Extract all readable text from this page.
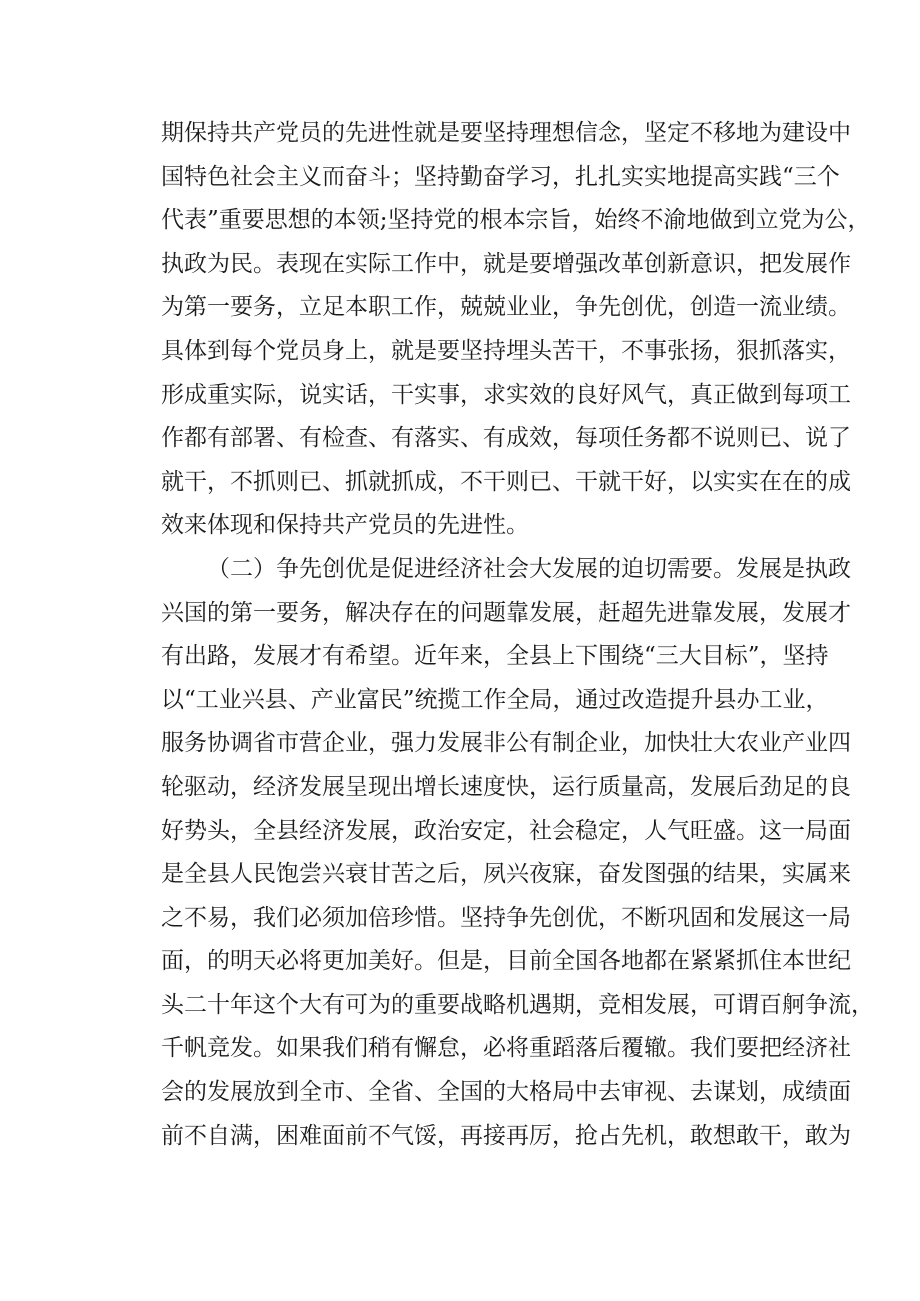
期保持共产党员的先进性就是要坚持理想信念，坚定不移地为建设中
国特色社会主义而奋斗；坚持勤奋学习，扎扎实实地提高实践“三个
代表”重要思想的本领;坚持党的根本宗旨，始终不渝地做到立党为公，
执政为民。表现在实际工作中，就是要增强改革创新意识，把发展作
为第一要务，立足本职工作，兢兢业业，争先创优，创造一流业绩。
具体到每个党员身上，就是要坚持埋头苦干，不事张扬，狠抓落实，
形成重实际，说实话，干实事，求实效的良好风气，真正做到每项工
作都有部署、有检查、有落实、有成效，每项任务都不说则已、说了
就干，不抓则已、抓就抓成，不干则已、干就干好，以实实在在的成
效来体现和保持共产党员的先进性。
（二）争先创优是促进经济社会大发展的迫切需要。发展是执政
兴国的第一要务，解决存在的问题靠发展，赶超先进靠发展，发展才
有出路，发展才有希望。近年来，全县上下围绕“三大目标”，坚持
以“工业兴县、产业富民”统揽工作全局，通过改造提升县办工业，
服务协调省市营企业，强力发展非公有制企业，加快壮大农业产业四
轮驱动，经济发展呈现出增长速度快，运行质量高，发展后劲足的良
好势头，全县经济发展，政治安定，社会稳定，人气旺盛。这一局面
是全县人民饱尝兴衰甘苦之后，夙兴夜寐，奋发图强的结果，实属来
之不易，我们必须加倍珍惜。坚持争先创优，不断巩固和发展这一局
面，的明天必将更加美好。但是，目前全国各地都在紧紧抓住本世纪
头二十年这个大有可为的重要战略机遇期，竞相发展，可谓百舸争流，
千帆竞发。如果我们稍有懈怠，必将重蹈落后覆辙。我们要把经济社
会的发展放到全市、全省、全国的大格局中去审视、去谋划，成绩面
前不自满，困难面前不气馁，再接再厉，抢占先机，敢想敢干，敢为
